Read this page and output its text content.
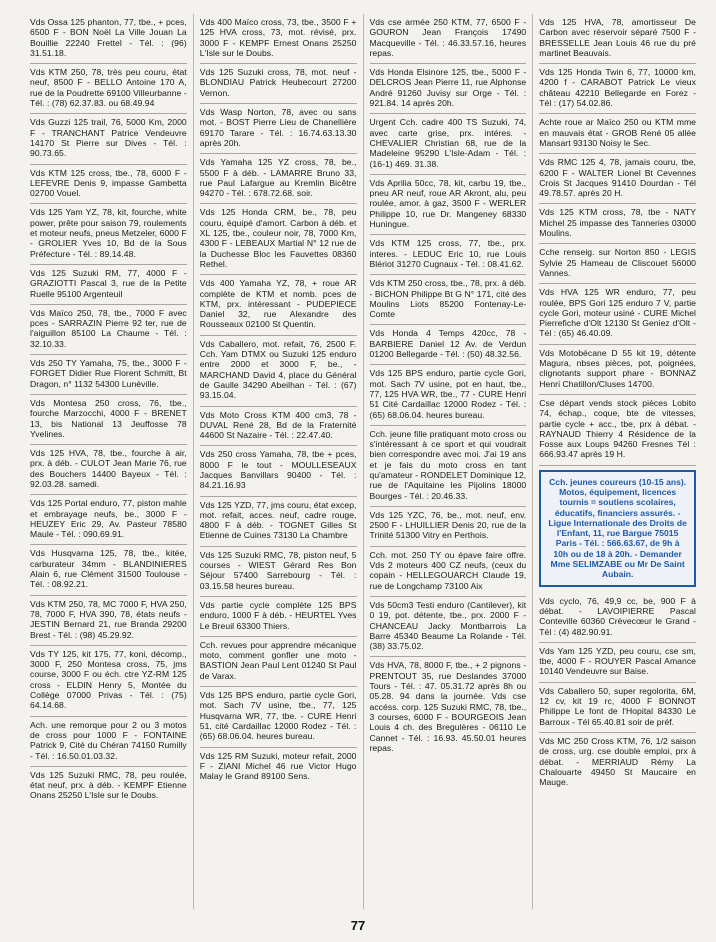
Vds Ossa 125 phanton, 77, tbe., + pces, 6500 F - BON Noël La Ville Jouan La Bouillie 22240 Frettel - Tél. : (96) 31.51.18.
Vds KTM 250, 78, très peu couru, état neuf, 8500 F - BELLO Antoine 170 A, rue de la Poudrette 69100 Villeurbanne - Tél. : (78) 62.37.83. ou 68.49.94
Vds Guzzi 125 trail, 76, 5000 Km, 2000 F - TRANCHANT Patrice Vendeuvre 14170 St Pierre sur Dives - Tél. : 90.73.65.
Vds KTM 125 cross, tbe., 78, 6000 F - LEFEVRE Denis 9, impasse Gambetta 02700 Vouel.
Vds 125 Yam YZ, 78, kit, fourche, white power, prête pour saison 79, roulements et moteur neufs, pneus Metzeler, 6000 F - GROLIER Yves 10, Bd de la Sous Préfecture - Tél. : 89.14.48.
Vds 125 Suzuki RM, 77, 4000 F - GRAZIOTTI Pascal 3, rue de la Petite Ruelle 95100 Argenteuil
Vds Maïco 250, 78, tbe., 7000 F avec pces - SARRAZIN Pierre 92 ter, rue de l'aiguillon 85100 La Chaume - Tél. : 32.10.33.
Vds 250 TY Yamaha, 75, tbe., 3000 F - FORGET Didier Rue Florent Schmitt, Bt Dragon, n° 1132 54300 Lunéville.
Vds Montesa 250 cross, 76, tbe., fourche Marzocchi, 4000 F - BRENET 13, bis National 13 Jeuffosse 78 Yvelines.
Vds 125 HVA, 78, tbe., fourche à air, prx. à déb. - CULOT Jean Marie 76, rue des Bouchers 14400 Bayeux - Tél. : 92.03.28. samedi.
Vds 125 Portal enduro, 77, piston mahle et embrayage neufs, be., 3000 F - HEUZEY Eric 29, Av. Pasteur 78580 Maule - Tél. : 090.69.91.
Vds Husqvarna 125, 78, tbe., kitée, carburateur 34mm - BLANDINIERES Alain 6, rue Clément 31500 Toulouse - Tél. : 08.92.21.
Vds KTM 250, 78, MC 7000 F, HVA 250, 78, 7000 F, HVA 390, 78, états neufs - JESTIN Bernard 21, rue Branda 29200 Brest - Tél. : (98) 45.29.92.
Vds TY 125, kit 175, 77, koni, décomp., 3000 F, 250 Montesa cross, 75, jms course, 3000 F ou éch. ctre YZ-RM 125 cross - ELDIN Henry 5, Montée du Collège 07000 Privas - Tél. : (75) 64.14.68.
Ach. une remorque pour 2 ou 3 motos de cross pour 1000 F - FONTAINE Patrick 9, Cité du Chéran 74150 Rumilly - Tél. : 16.50.01.03.32.
Vds 125 Suzuki RMC, 78, peu roulée, état neuf, prx. à déb. - KEMPF Etienne Onans 25250 L'Isle sur le Doubs.
Vds 400 Maïco cross, 73, tbe., 3500 F + 125 HVA cross, 73, mot. révisé, prx. 3000 F - KEMPF Ernest Onans 25250 L'Isle sur le Doubs.
Vds 125 Suzuki cross, 78, mot. neuf - BLONDIAU Patrick Heubecourt 27200 Vernon.
Vds Wasp Norton, 78, avec ou sans mot. - BOST Pierre Lieu de Chanellière 69170 Tarare - Tél. : 16.74.63.13.30 après 20h.
Vds Yamaha 125 YZ cross, 78, be., 5500 F à déb. - LAMARRE Bruno 33, rue Paul Lafargue au Kremlin Bicêtre 94270 - Tél. : 678.72.68. soir.
Vds 125 Honda CRM, be., 78, peu couru, équipé d'amort. Carbon à déb. et XL 125, tbe., couleur noir, 78, 7000 Km, 4300 F - LEBEAUX Martial N° 12 rue de la Duchesse Bloc les Fauvettes 08360 Rethel.
Vds 400 Yamaha YZ, 78, + roue AR complète de KTM et nomb. pces de KTM, prx. intéressant - PUDEPIECE Daniel 32, rue Alexandre des Rousseaux 02100 St Quentin.
Vds Caballero, mot. refait, 76, 2500 F. Cch. Yam DTMX ou Suzuki 125 enduro entre 2000 et 3000 F, be., - MARCHAND David 4, place du Général de Gaulle 34290 Abeilhan - Tél. : (67) 93.15.04.
Vds Moto Cross KTM 400 cm3, 78 - DUVAL René 28, Bd de la Fraternité 44600 St Nazaire - Tél. : 22.47.40.
Vds 250 cross Yamaha, 78, tbe + pces, 8000 F le tout - MOULLESEAUX Jacques Banvillars 90400 - Tél. : 84.21.16.93
Vds 125 YZD, 77, jms couru, état excep, mot. refait, acces. neuf, cadre rouge, 4800 F à déb. - TOGNET Gilles St Etienne de Cuines 73130 La Chambre
Vds 125 Suzuki RMC, 78, piston neuf, 5 courses - WIEST Gérard Res Bon Séjour 57400 Sarrebourg - Tél. : 03.15.58 heures bureau.
Vds partie cycle complète 125 BPS enduro, 1000 F à déb. - HEURTEL Yves Le Breuil 63300 Thiers.
Cch. revues pour apprendre mécanique moto, comment gonfler une moto - BASTION Jean Paul Lent 01240 St Paul de Varax.
Vds 125 BPS enduro, partie cycle Gori, mot. Sach 7V usine, tbe., 77, 125 Husqvarna WR, 77, tbe. - CURE Henri 51, cité Cardaillac 12000 Rodez - Tél. : (65) 68.06.04. heures bureau.
Vds 125 RM Suzuki, moteur refait, 2000 F - ZIANI Michel 46 rue Victor Hugo Malay le Grand 89100 Sens.
Vds cse armée 250 KTM, 77, 6500 F - GOURON Jean François 17490 Macqueville - Tél. : 46.33.57.16, heures repas.
Vds Honda Elsinore 125, tbe., 5000 F - DELCROS Jean Pierre 11, rue Alphonse André 91260 Juvisy sur Orge - Tél. : 921.84. 14 après 20h.
Urgent Cch. cadre 400 TS Suzuki, 74, avec carte grise, prx. intéres. - CHEVALIER Christian 68, rue de la Madeleine 95290 L'Isle-Adam - Tél. : (16-1) 469. 31.38.
Vds Aprilia 50cc, 78, kit, carbu 19, tbe., pneu AR neuf, roue AR Akront, alu, peu roulée, amor. à gaz, 3500 F - WERLER Philippe 10, rue Dr. Mangeney 68330 Huningue.
Vds KTM 125 cross, 77, tbe., prx. interes. - LEDUC Eric 10, rue Louis Blériot 31270 Cugnaux - Tél. : 08.41.62.
Vds KTM 250 cross, tbe., 78, prx. à déb. - BICHON Philippe Bt G N° 171, cité des Moulins Liots 85200 Fontenay-Le-Comte
Vds Honda 4 Temps 420cc, 78 - BARBIERE Daniel 12 Av. de Verdun 01200 Bellegarde - Tél. : (50) 48.32.56.
Vds 125 BPS enduro, partie cycle Gori, mot. Sach 7V usine, pot en haut, tbe., 77, 125 HVA WR, tbe., 77 - CURE Henri 51 Cité Cardaillac 12000 Rodez - Tél. : (65) 68.06.04. heures bureau.
Cch. jeune fille pratiquant moto cross ou s'intéressant à ce sport et qui voudrait bien correspondre avec moi. J'ai 19 ans et je fais du moto cross en tant qu'amateur - RONDELET Dominique 12, rue de l'Aquitaine les Pijolins 18000 Bourges - Tél. : 20.46.33.
Vds 125 YZC, 76, be., mot. neuf, env. 2500 F - LHUILLIER Denis 20, rue de la Trinité 51300 Vitry en Perthois.
Cch. mot. 250 TY ou épave faire offre. Vds 2 moteurs 400 CZ neufs, (ceux du copain - HELLEGOUARCH Claude 19, rue de Longchamp 73100 Aix
Vds 50cm3 Testi enduro (Cantilever), kit 0 19, pot. détente, tbe., prx. 2000 F - CHANCEAU Jacky Montbarrois La Barre 45340 Beaume La Rolande - Tél. (38) 33.75.02.
Vds HVA, 78, 8000 F, tbe., + 2 pignons - PRENTOUT 35, rue Deslandes 37000 Tours - Tél. : 47. 05.31.72 après 8h ou 05.28. 94 dans la journée. Vds cse accéss. corp. 125 Suzuki RMC, 78, tbe., 3 courses, 6000 F - BOURGEOIS Jean Louis 4 ch. des Bregulères - 06110 Le Cannet - Tél. : 16.93. 45.50.01 heures repas.
Vds 125 HVA, 78, amortisseur De Carbon avec réservoir séparé 7500 F - BRESSELLE Jean Louis 46 rue du pré martinet Beauvais.
Vds 125 Honda Twin 6, 77, 10000 km, 4200 f - CARABOT Patrick Le vieux château 42210 Bellegarde en Forez - Tél : (17) 54.02.86.
Achte roue ar Maïco 250 ou KTM mme en mauvais état - GROB René 05 allée Mansart 93130 Noisy le Sec.
Vds RMC 125 4, 78, jamais couru, tbe, 6200 F - WALTER Lionel Bt Cevennes Crois St Jacques 91410 Dourdan - Tél 49.78.57. après 20 H.
Vds 125 KTM cross, 78, tbe - NATY Michel 25 impasse des Tanneries 03000 Moulins.
Cche renseig. sur Norton 850 - LEGIS Sylvie 25 Hameau de Cliscouet 56000 Vannes.
Vds HVA 125 WR enduro, 77, peu roulée, BPS Gori 125 enduro 7 V, partie cycle Gori, moteur usiné - CURE Michel Pierrefiche d'Olt 12130 St Geniez d'Olt - Tél : (65) 46.40.09.
Vds Motobécane D 55 kit 19, détente Magura, nbses pièces, pot, poignées, clignotants support phare - BONNAZ Henri Chatillon/Cluses 14700.
Cse départ vends stock pièces Lobito 74, échap., coque, bte de vitesses, partie cycle + acc., tbe, prx à débat. - RAYNAUD Thierry 4 Résidence de la Fosse aux Loups 94260 Fresnes Tél : 666.93.47 après 19 H.
Cch. jeunes coureurs (10-15 ans). Motos, équipement, licences tournis = soutiens scolaires, éducatifs, financiers assurés. - Ligue Internationale des Droits de l'Enfant, 11, rue Bargue 75015 Paris - Tél. : 566.63.67, de 9h à 10h ou de 18 à 20h. - Demander Mme SELIMZABE ou Mr De Saint Aubain.
Vds cyclo, 76, 49,9 cc, be, 900 F à débat. - LAVOIPIERRE Pascal Conteville 60360 Crèvecœur le Grand - Tél : (4) 482.90.91.
Vds Yam 125 YZD, peu couru, cse sm, tbe, 4000 F - ROUYER Pascal Amance 10140 Vendeuvre sur Baise.
Vds Caballero 50, super regolorita, 6M, 12 cv, kit 19 rc, 4000 F BONNOT Philippe Le font de l'Hopital 84330 Le Barroux - Tél 65.40.81 soir de préf.
Vds MC 250 Cross KTM, 76, 1/2 saison de cross, urg. cse double emploi, prx à débat. - MERRIAUD Rémy La Chalouarte 49450 St Maucaire en Mauge.
77
